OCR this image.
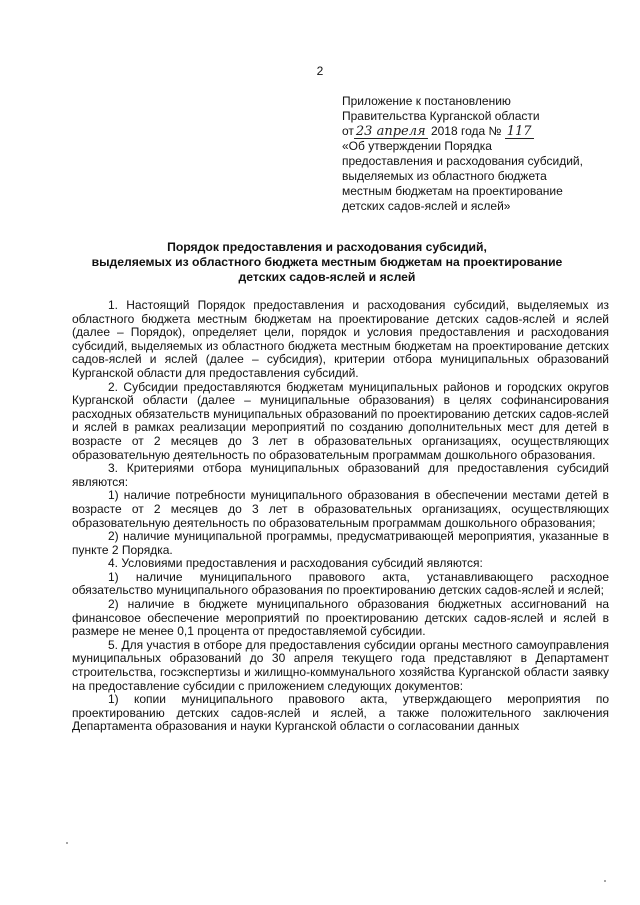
2
Приложение к постановлению
Правительства Курганской области
от 23 апреля 2018 года № 117
«Об утверждении Порядка
предоставления и расходования субсидий,
выделяемых из областного бюджета
местным бюджетам на проектирование
детских садов-яслей и яслей»
Порядок предоставления и расходования субсидий,
выделяемых из областного бюджета местным бюджетам на проектирование
детских садов-яслей и яслей

1. Настоящий Порядок предоставления и расходования субсидий, выделяемых из областного бюджета местным бюджетам на проектирование детских садов-яслей и яслей (далее – Порядок), определяет цели, порядок и условия предоставления и расходования субсидий, выделяемых из областного бюджета местным бюджетам на проектирование детских садов-яслей и яслей (далее – субсидия), критерии отбора муниципальных образований Курганской области для предоставления субсидий.

2. Субсидии предоставляются бюджетам муниципальных районов и городских округов Курганской области (далее – муниципальные образования) в целях софинансирования расходных обязательств муниципальных образований по проектированию детских садов-яслей и яслей в рамках реализации мероприятий по созданию дополнительных мест для детей в возрасте от 2 месяцев до 3 лет в образовательных организациях, осуществляющих образовательную деятельность по образовательным программам дошкольного образования.

3. Критериями отбора муниципальных образований для предоставления субсидий являются:

1) наличие потребности муниципального образования в обеспечении местами детей в возрасте от 2 месяцев до 3 лет в образовательных организациях, осуществляющих образовательную деятельность по образовательным программам дошкольного образования;

2) наличие муниципальной программы, предусматривающей мероприятия, указанные в пункте 2 Порядка.

4. Условиями предоставления и расходования субсидий являются:

1) наличие муниципального правового акта, устанавливающего расходное обязательство муниципального образования по проектированию детских садов-яслей и яслей;

2) наличие в бюджете муниципального образования бюджетных ассигнований на финансовое обеспечение мероприятий по проектированию детских садов-яслей и яслей в размере не менее 0,1 процента от предоставляемой субсидии.

5. Для участия в отборе для предоставления субсидии органы местного самоуправления муниципальных образований до 30 апреля текущего года представляют в Департамент строительства, госэкспертизы и жилищно-коммунального хозяйства Курганской области заявку на предоставление субсидии с приложением следующих документов:

1) копии муниципального правового акта, утверждающего мероприятия по проектированию детских садов-яслей и яслей, а также положительного заключения Департамента образования и науки Курганской области о согласовании данных
